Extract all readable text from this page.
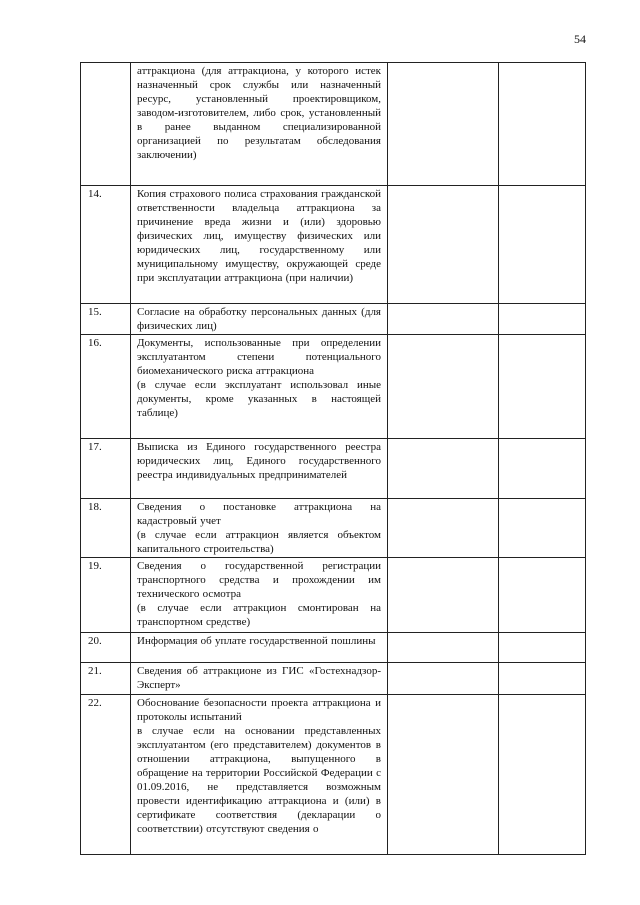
54

	аттракциона (для аттракциона, у которого истек назначенный срок службы или назначенный ресурс, установленный проектировщиком, заводом-изготовителем, либо срок, установленный в ранее выданном специализированной организацией по результатам обследования заключении)		

14.	Копия страхового полиса страхования гражданской ответственности владельца аттракциона за причинение вреда жизни и (или) здоровью физических лиц, имуществу физических или юридических лиц, государственному или муниципальному имуществу, окружающей среде при эксплуатации аттракциона (при наличии)		

15.	Согласие на обработку персональных данных (для физических лиц)		

16.	Документы, использованные при определении эксплуатантом степени потенциального биомеханического риска аттракциона
(в случае если эксплуатант использовал иные документы, кроме указанных в настоящей таблице)		

17.	Выписка из Единого государственного реестра юридических лиц, Единого государственного реестра индивидуальных предпринимателей		

18.	Сведения о постановке аттракциона на кадастровый учет
(в случае если аттракцион является объектом капитального строительства)		

19.	Сведения о государственной регистрации транспортного средства и прохождении им технического осмотра
(в случае если аттракцион смонтирован на транспортном средстве)		

20.	Информация об уплате государственной пошлины		

21.	Сведения об аттракционе из ГИС «Гостехнадзор-Эксперт»		

22.	Обоснование безопасности проекта аттракциона и протоколы испытаний
в случае если на основании представленных эксплуатантом (его представителем) документов в отношении аттракциона, выпущенного в обращение на территории Российской Федерации с 01.09.2016, не представляется возможным провести идентификацию аттракциона и (или) в сертификате соответствия (декларации о соответствии) отсутствуют сведения о		
